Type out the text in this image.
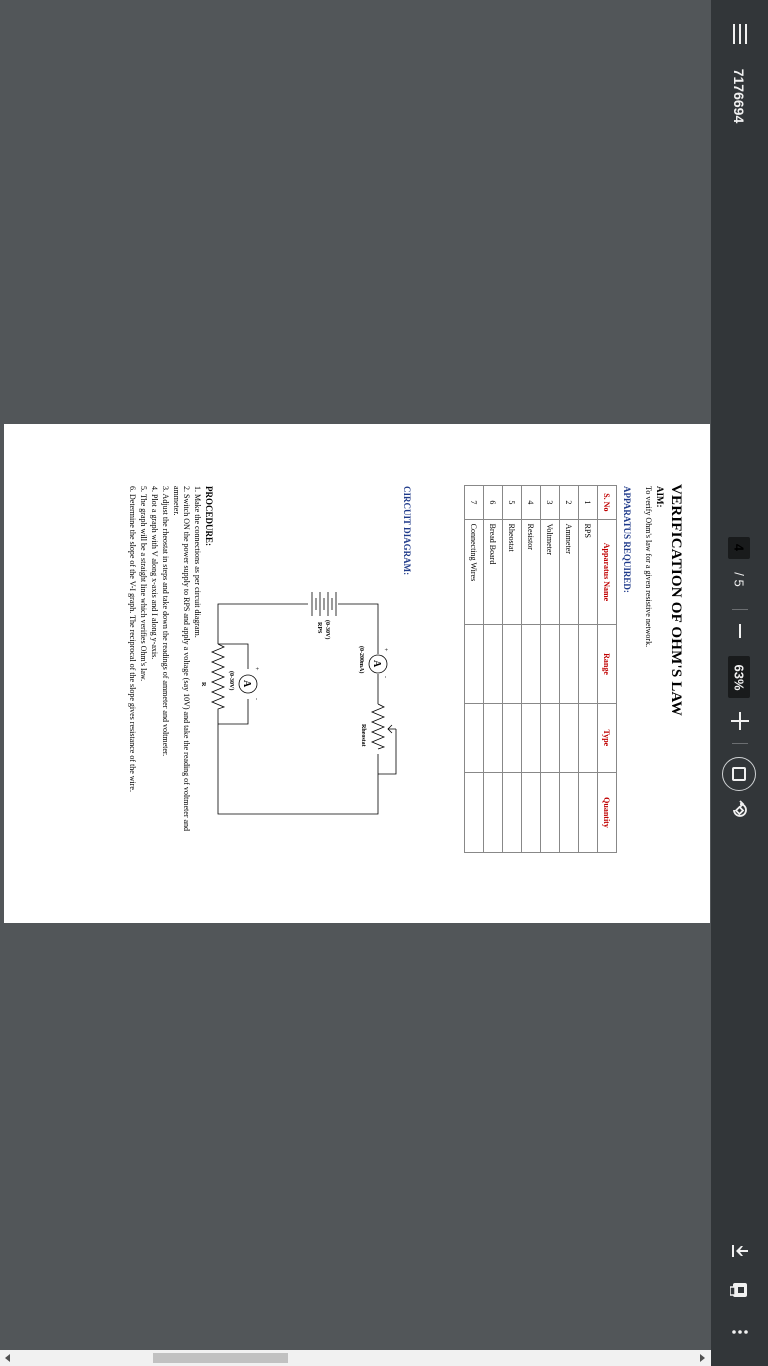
VERIFICATION OF OHM'S LAW
AIM:
To verify Ohm's law for a given resistive network.
APPARATUS REQUIRED:
S. No	Apparatus Name	Range	Type	Quantity
1	RPS			
2	Ammeter			
3	Voltmeter			
4	Resistor			
5	Rheostat			
6	Bread Board			
7	Connecting Wires			
CIRCUIT DIAGRAM:
A
+
-
(0-200mA)
A
+
-
(0-30V)
(0-30V)
RPS
Rheostat
R
PROCEDURE:
1. Make the connections as per circuit diagram.
2. Switch ON the power supply to RPS and apply a voltage (say 10V) and take the reading of voltmeter and ammeter.
3. Adjust the rheostat in steps and take down the readings of ammeter and voltmeter.
4. Plot a graph with V along x-axis and I along y-axis.
5. The graph will be a straight line which verifies Ohm's law.
6. Determine the slope of the V-I graph. The reciprocal of the slope gives resistance of the wire.
7176694
4
/ 5
63%
